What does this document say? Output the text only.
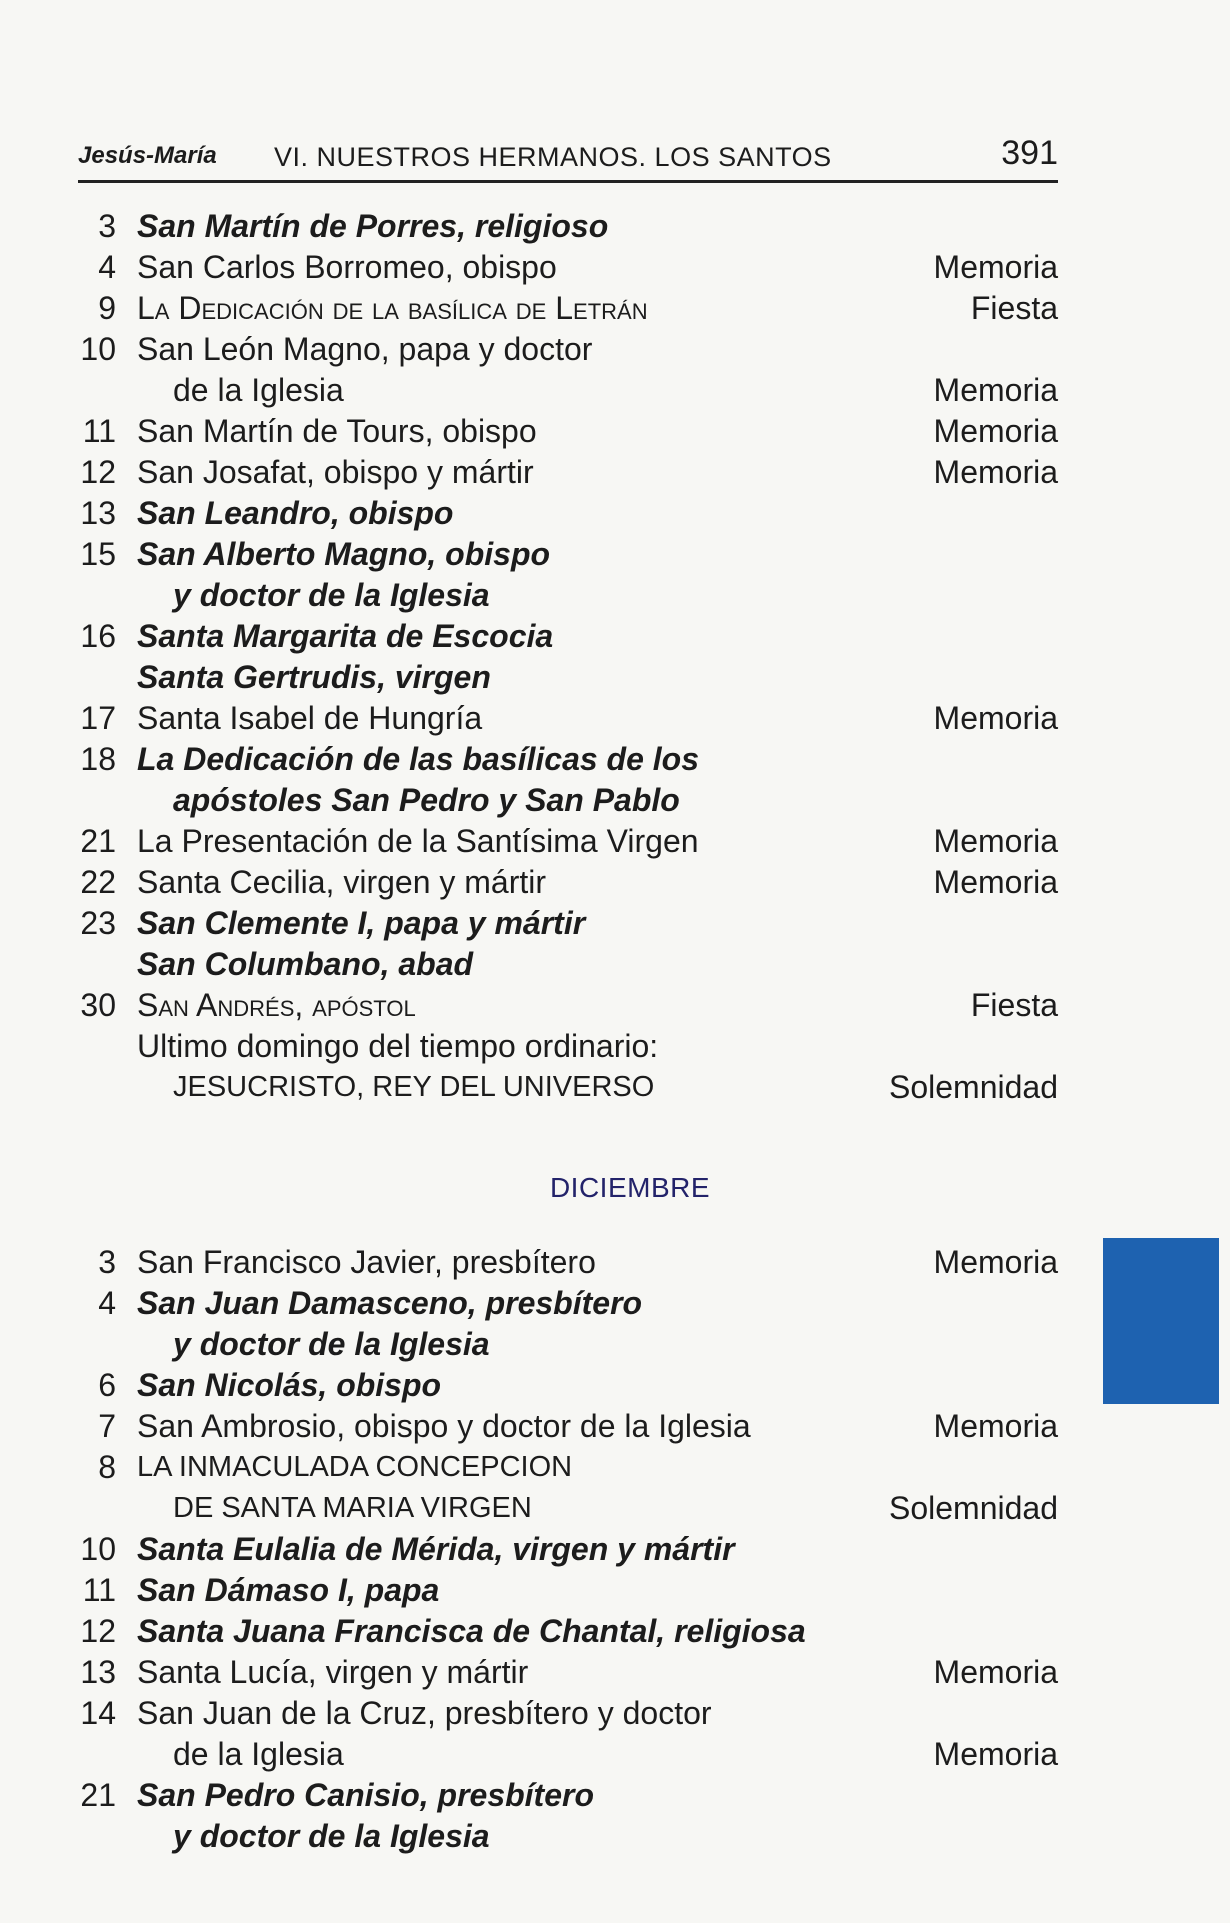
Jesús-María VI. NUESTROS HERMANOS. LOS SANTOS	391
3 San Martín de Porres, religioso
4 San Carlos Borromeo, obispo	Memoria
9 La Dedicación de la basílica de Letrán	Fiesta
10 San León Magno, papa y doctor
de la Iglesia	Memoria
11 San Martín de Tours, obispo	Memoria
12 San Josafat, obispo y mártir	Memoria
13 San Leandro, obispo
15 San Alberto Magno, obispo
y doctor de la Iglesia
16 Santa Margarita de Escocia
Santa Gertrudis, virgen
17 Santa Isabel de Hungría	Memoria
18 La Dedicación de las basílicas de los
apóstoles San Pedro y San Pablo
21 La Presentación de la Santísima Virgen	Memoria
22 Santa Cecilia, virgen y mártir	Memoria
23 San Clemente I, papa y mártir
San Columbano, abad
30 San Andrés, apóstol	Fiesta
Ultimo domingo del tiempo ordinario:
JESUCRISTO, REY DEL UNIVERSO	Solemnidad
DICIEMBRE
3 San Francisco Javier, presbítero	Memoria
4 San Juan Damasceno, presbítero
y doctor de la Iglesia
6 San Nicolás, obispo
7 San Ambrosio, obispo y doctor de la Iglesia	Memoria
8 LA INMACULADA CONCEPCION
DE SANTA MARIA VIRGEN	Solemnidad
10 Santa Eulalia de Mérida, virgen y mártir
11 San Dámaso I, papa
12 Santa Juana Francisca de Chantal, religiosa
13 Santa Lucía, virgen y mártir	Memoria
14 San Juan de la Cruz, presbítero y doctor
de la Iglesia	Memoria
21 San Pedro Canisio, presbítero
y doctor de la Iglesia
